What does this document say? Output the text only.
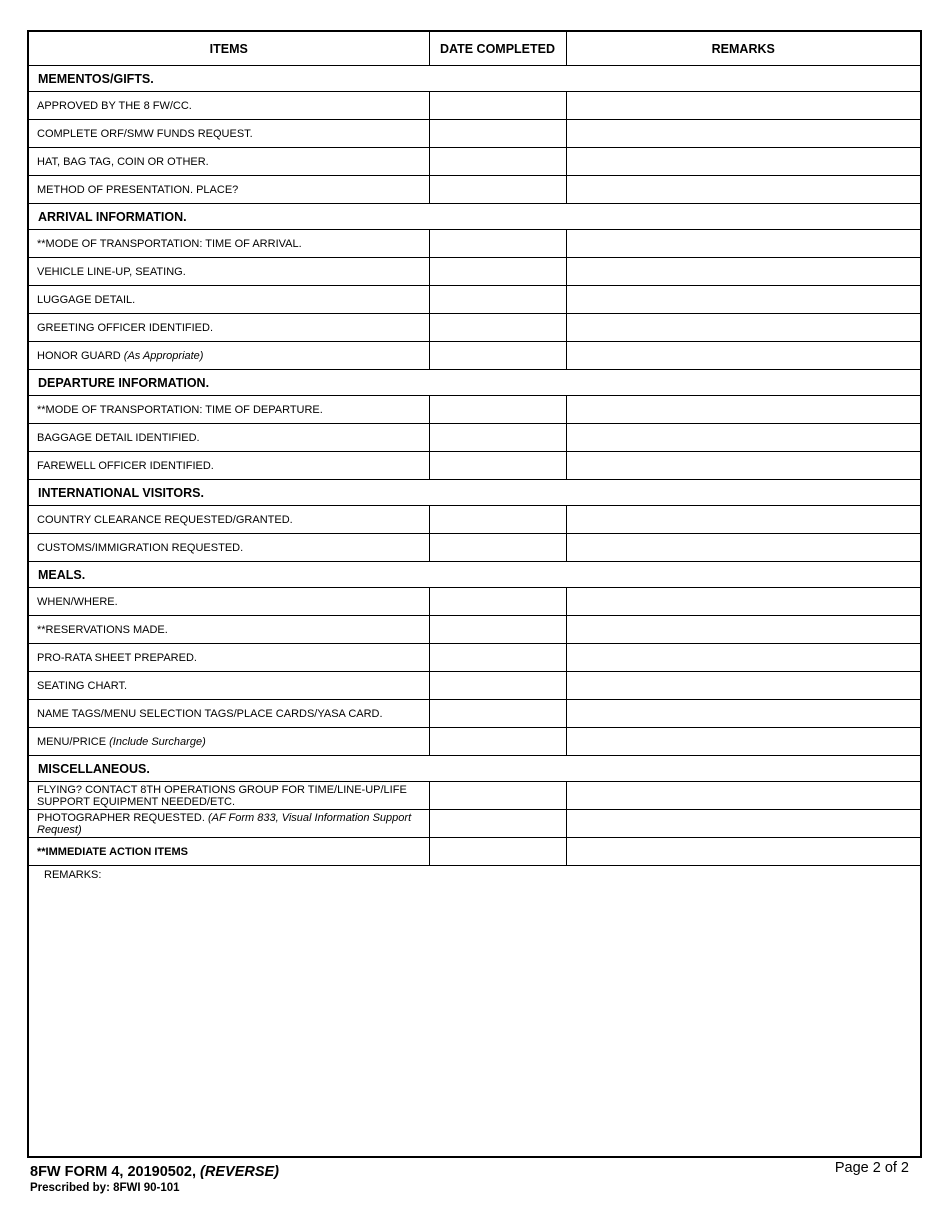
ITEMS	DATE COMPLETED	REMARKS
MEMENTOS/GIFTS.		
APPROVED BY THE 8 FW/CC.		
COMPLETE ORF/SMW FUNDS REQUEST.		
HAT, BAG TAG, COIN OR OTHER.		
METHOD OF PRESENTATION. PLACE?		
ARRIVAL INFORMATION.		
**MODE OF TRANSPORTATION: TIME OF ARRIVAL.		
VEHICLE LINE-UP, SEATING.		
LUGGAGE DETAIL.		
GREETING OFFICER IDENTIFIED.		
HONOR GUARD (As Appropriate)		
DEPARTURE INFORMATION.		
**MODE OF TRANSPORTATION: TIME OF DEPARTURE.		
BAGGAGE DETAIL IDENTIFIED.		
FAREWELL OFFICER IDENTIFIED.		
INTERNATIONAL VISITORS.		
COUNTRY CLEARANCE REQUESTED/GRANTED.		
CUSTOMS/IMMIGRATION REQUESTED.		
MEALS.		
WHEN/WHERE.		
**RESERVATIONS MADE.		
PRO-RATA SHEET PREPARED.		
SEATING CHART.		
NAME TAGS/MENU SELECTION TAGS/PLACE CARDS/YASA CARD.		
MENU/PRICE (Include Surcharge)		
MISCELLANEOUS.		
FLYING? CONTACT 8TH OPERATIONS GROUP FOR TIME/LINE-UP/LIFE SUPPORT EQUIPMENT NEEDED/ETC.		
PHOTOGRAPHER REQUESTED. (AF Form 833, Visual Information Support Request)		
**IMMEDIATE ACTION ITEMS		
REMARKS:
8FW FORM 4, 20190502, (REVERSE)
Prescribed by: 8FWI 90-101
Page 2 of 2
